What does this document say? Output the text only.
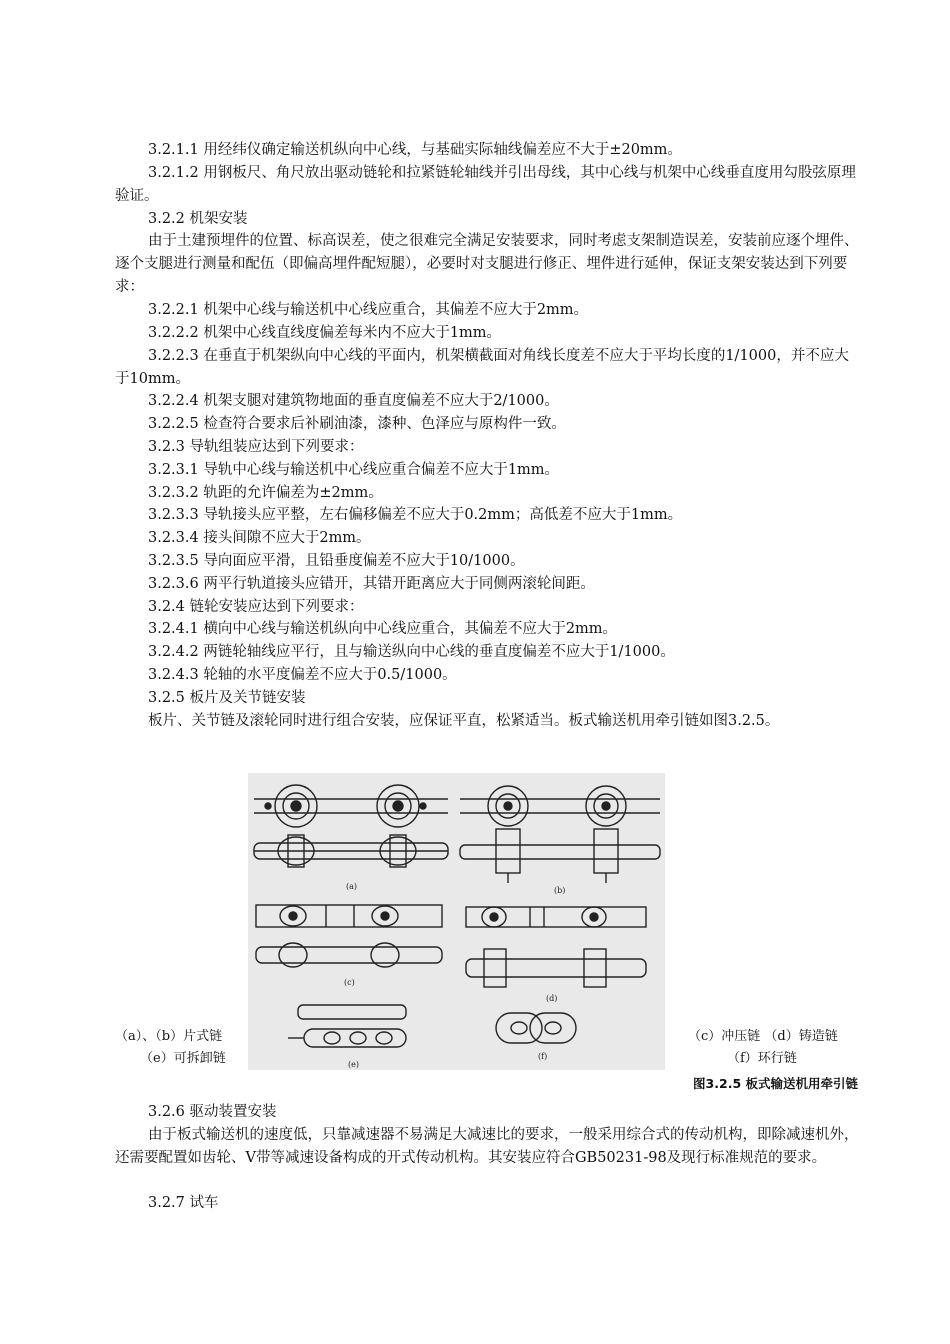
3.2.1.1 用经纬仪确定输送机纵向中心线，与基础实际轴线偏差应不大于±20mm。

3.2.1.2 用钢板尺、角尺放出驱动链轮和拉紧链轮轴线并引出母线，其中心线与机架中心线垂直度用勾股弦原理验证。

3.2.2 机架安装

由于土建预埋件的位置、标高误差，使之很难完全满足安装要求，同时考虑支架制造误差，安装前应逐个埋件、逐个支腿进行测量和配伍（即偏高埋件配短腿），必要时对支腿进行修正、埋件进行延伸，保证支架安装达到下列要求：

3.2.2.1 机架中心线与输送机中心线应重合，其偏差不应大于2mm。

3.2.2.2 机架中心线直线度偏差每米内不应大于1mm。

3.2.2.3 在垂直于机架纵向中心线的平面内，机架横截面对角线长度差不应大于平均长度的1/1000，并不应大于10mm。

3.2.2.4 机架支腿对建筑物地面的垂直度偏差不应大于2/1000。

3.2.2.5 检查符合要求后补刷油漆，漆种、色泽应与原构件一致。

3.2.3 导轨组装应达到下列要求：

3.2.3.1 导轨中心线与输送机中心线应重合偏差不应大于1mm。

3.2.3.2 轨距的允许偏差为±2mm。

3.2.3.3 导轨接头应平整，左右偏移偏差不应大于0.2mm；高低差不应大于1mm。

3.2.3.4 接头间隙不应大于2mm。

3.2.3.5 导向面应平滑，且铅垂度偏差不应大于10/1000。

3.2.3.6 两平行轨道接头应错开，其错开距离应大于同侧两滚轮间距。

3.2.4 链轮安装应达到下列要求：

3.2.4.1 横向中心线与输送机纵向中心线应重合，其偏差不应大于2mm。

3.2.4.2 两链轮轴线应平行，且与输送纵向中心线的垂直度偏差不应大于1/1000。

3.2.4.3 轮轴的水平度偏差不应大于0.5/1000。

3.2.5 板片及关节链安装

板片、关节链及滚轮同时进行组合安装，应保证平直，松紧适当。板式输送机用牵引链如图3.2.5。

(a)	(b)
(c)
(d)
(e)
(f)

（a）、（b）片式链

（e）可拆卸链

（c）冲压链 （d）铸造链

（f）环行链

图3.2.5 板式输送机用牵引链

3.2.6 驱动装置安装

由于板式输送机的速度低，只靠减速器不易满足大减速比的要求，一般采用综合式的传动机构，即除减速机外，还需要配置如齿轮、V带等减速设备构成的开式传动机构。其安装应符合GB50231-98及现行标准规范的要求。

3.2.7 试车
